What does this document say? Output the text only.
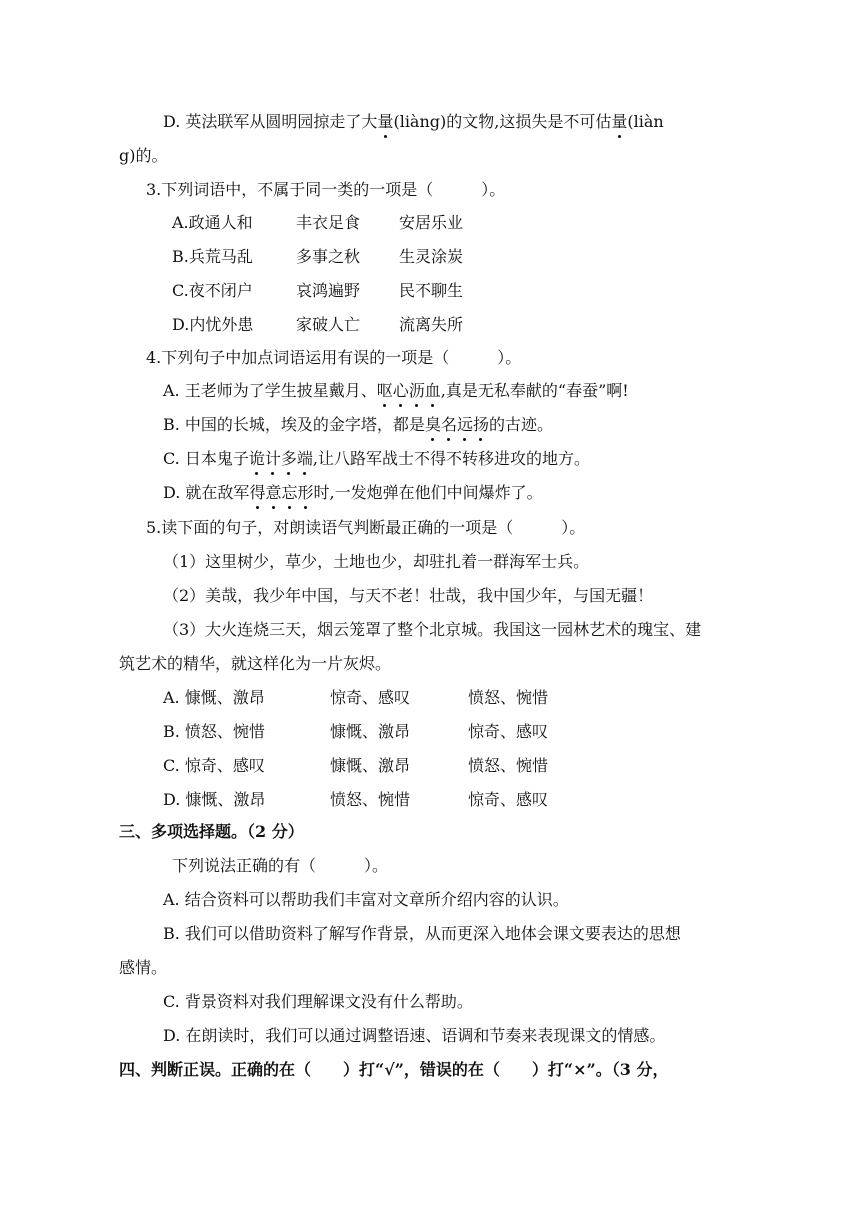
D. 英法联军从圆明园掠走了大量(liàng)的文物,这损失是不可估量(liàn
g)的。
3.下列词语中，不属于同一类的一项是（　　　）。
A.政通人和	丰衣足食 安居乐业
B.兵荒马乱	多事之秋 生灵涂炭
C.夜不闭户	哀鸿遍野 民不聊生
D.内忧外患	家破人亡 流离失所
4.下列句子中加点词语运用有误的一项是（　　　）。
A. 王老师为了学生披星戴月、呕心沥血,真是无私奉献的“春蚕”啊!
B. 中国的长城，埃及的金字塔，都是臭名远扬的古迹。
C. 日本鬼子诡计多端,让八路军战士不得不转移进攻的地方。
D. 就在敌军得意忘形时,一发炮弹在他们中间爆炸了。
5.读下面的句子，对朗读语气判断最正确的一项是（　　　）。
（1）这里树少，草少，土地也少，却驻扎着一群海军士兵。
（2）美哉，我少年中国，与天不老！壮哉，我中国少年，与国无疆！
（3）大火连烧三天，烟云笼罩了整个北京城。我国这一园林艺术的瑰宝、建
筑艺术的精华，就这样化为一片灰烬。
A. 慷慨、激昂	惊奇、感叹	愤怒、惋惜
B. 愤怒、惋惜	慷慨、激昂	惊奇、感叹
C. 惊奇、感叹	慷慨、激昂	愤怒、惋惜
D. 慷慨、激昂	愤怒、惋惜	惊奇、感叹
三、多项选择题。（2 分）
下列说法正确的有（　　　）。
A. 结合资料可以帮助我们丰富对文章所介绍内容的认识。
B. 我们可以借助资料了解写作背景，从而更深入地体会课文要表达的思想
感情。
C. 背景资料对我们理解课文没有什么帮助。
D. 在朗读时，我们可以通过调整语速、语调和节奏来表现课文的情感。
四、判断正误。正确的在（　　）打“√”，错误的在（　　）打“×”。（3 分，
